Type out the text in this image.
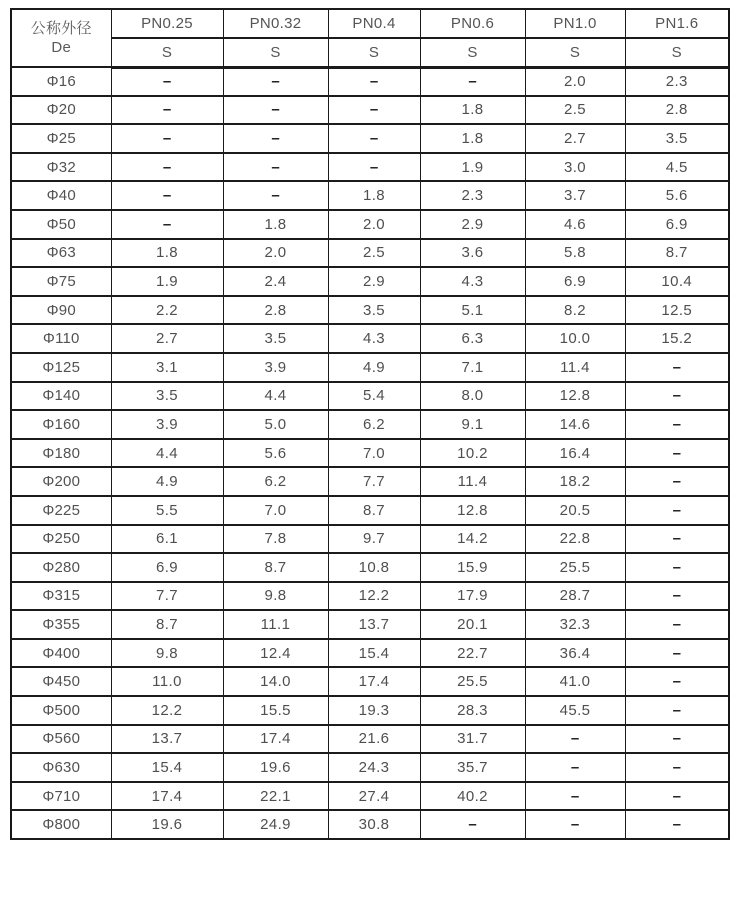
公称外径
De	PN0.25	PN0.32	PN0.4	PN0.6	PN1.0	PN1.6
	S	S	S	S	S	S
Φ16	–	–	–	–	2.0	2.3
Φ20	–	–	–	1.8	2.5	2.8
Φ25	–	–	–	1.8	2.7	3.5
Φ32	–	–	–	1.9	3.0	4.5
Φ40	–	–	1.8	2.3	3.7	5.6
Φ50	–	1.8	2.0	2.9	4.6	6.9
Φ63	1.8	2.0	2.5	3.6	5.8	8.7
Φ75	1.9	2.4	2.9	4.3	6.9	10.4
Φ90	2.2	2.8	3.5	5.1	8.2	12.5
Φ110	2.7	3.5	4.3	6.3	10.0	15.2
Φ125	3.1	3.9	4.9	7.1	11.4	–
Φ140	3.5	4.4	5.4	8.0	12.8	–
Φ160	3.9	5.0	6.2	9.1	14.6	–
Φ180	4.4	5.6	7.0	10.2	16.4	–
Φ200	4.9	6.2	7.7	11.4	18.2	–
Φ225	5.5	7.0	8.7	12.8	20.5	–
Φ250	6.1	7.8	9.7	14.2	22.8	–
Φ280	6.9	8.7	10.8	15.9	25.5	–
Φ315	7.7	9.8	12.2	17.9	28.7	–
Φ355	8.7	11.1	13.7	20.1	32.3	–
Φ400	9.8	12.4	15.4	22.7	36.4	–
Φ450	11.0	14.0	17.4	25.5	41.0	–
Φ500	12.2	15.5	19.3	28.3	45.5	–
Φ560	13.7	17.4	21.6	31.7	–	–
Φ630	15.4	19.6	24.3	35.7	–	–
Φ710	17.4	22.1	27.4	40.2	–	–
Φ800	19.6	24.9	30.8	–	–	–
